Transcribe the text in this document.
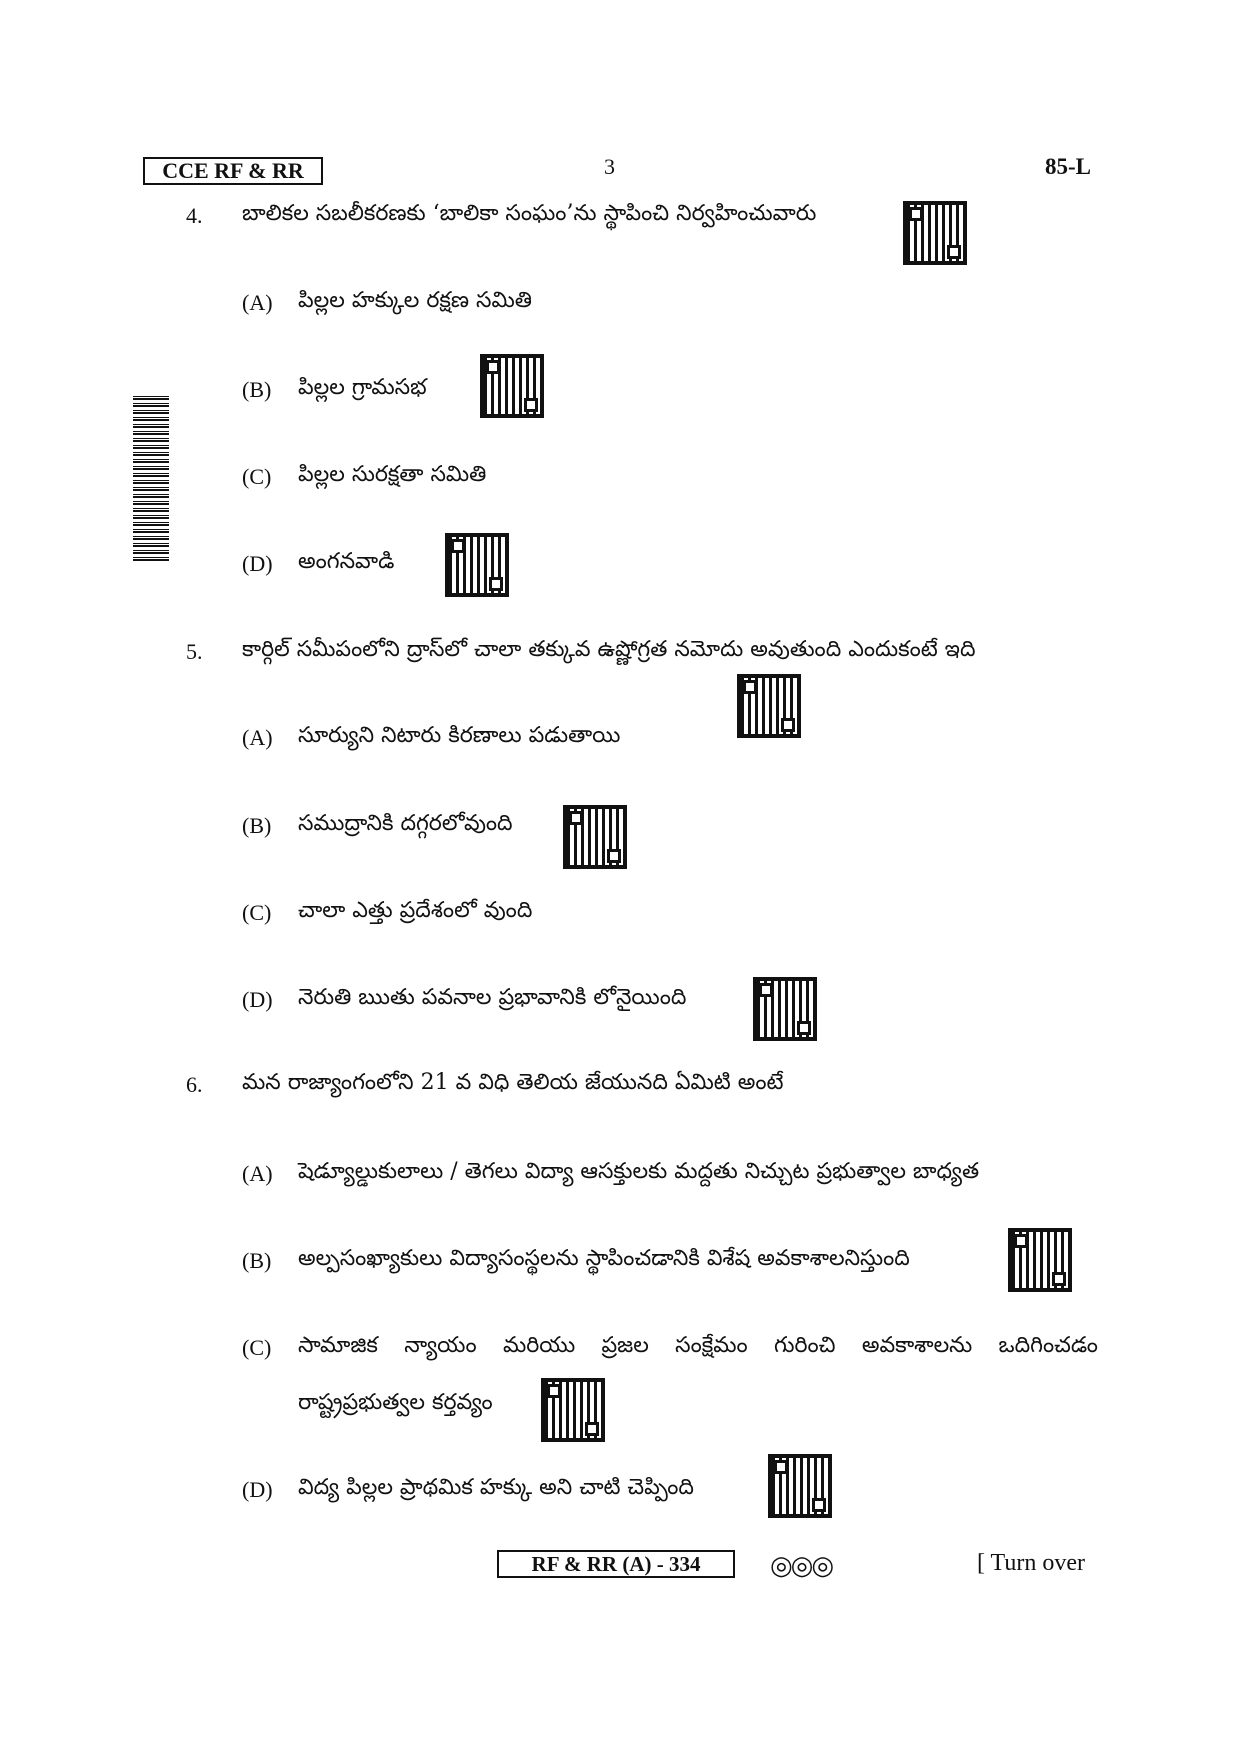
CCE RF & RR	3	85-L
4. బాలికల సబలీకరణకు ‘బాలికా సంఘం’ను స్థాపించి నిర్వహించువారు
(A) పిల్లల హక్కుల రక్షణ సమితి
(B) పిల్లల గ్రామసభ
(C) పిల్లల సురక్షతా సమితి
(D) అంగనవాడి
5. కార్గిల్ సమీపంలోని ద్రాస్‌లో చాలా తక్కువ ఉష్ణోగ్రత నమోదు అవుతుంది ఎందుకంటే ఇది
(A) సూర్యుని నిటారు కిరణాలు పడుతాయి
(B) సముద్రానికి దగ్గరలోవుంది
(C) చాలా ఎత్తు ప్రదేశంలో వుంది
(D) నెరుతి ఋతు పవనాల ప్రభావానికి లోనైయింది
6. మన రాజ్యాంగంలోని 21 వ విధి తెలియ జేయునది ఏమిటి అంటే
(A) షెడ్యూల్డుకులాలు / తెగలు విద్యా ఆసక్తులకు మద్దతు నిచ్చుట ప్రభుత్వాల బాధ్యత
(B) అల్పసంఖ్యాకులు విద్యాసంస్థలను స్థాపించడానికి విశేష అవకాశాలనిస్తుంది
(C) సామాజిక న్యాయం మరియు ప్రజల సంక్షేమం గురించి అవకాశాలను ఒదిగించడం
రాష్ట్రప్రభుత్వల కర్తవ్యం
(D) విద్య పిల్లల ప్రాథమిక హక్కు అని చాటి చెప్పింది
RF & RR (A) - 334	◎◎◎	[ Turn over
